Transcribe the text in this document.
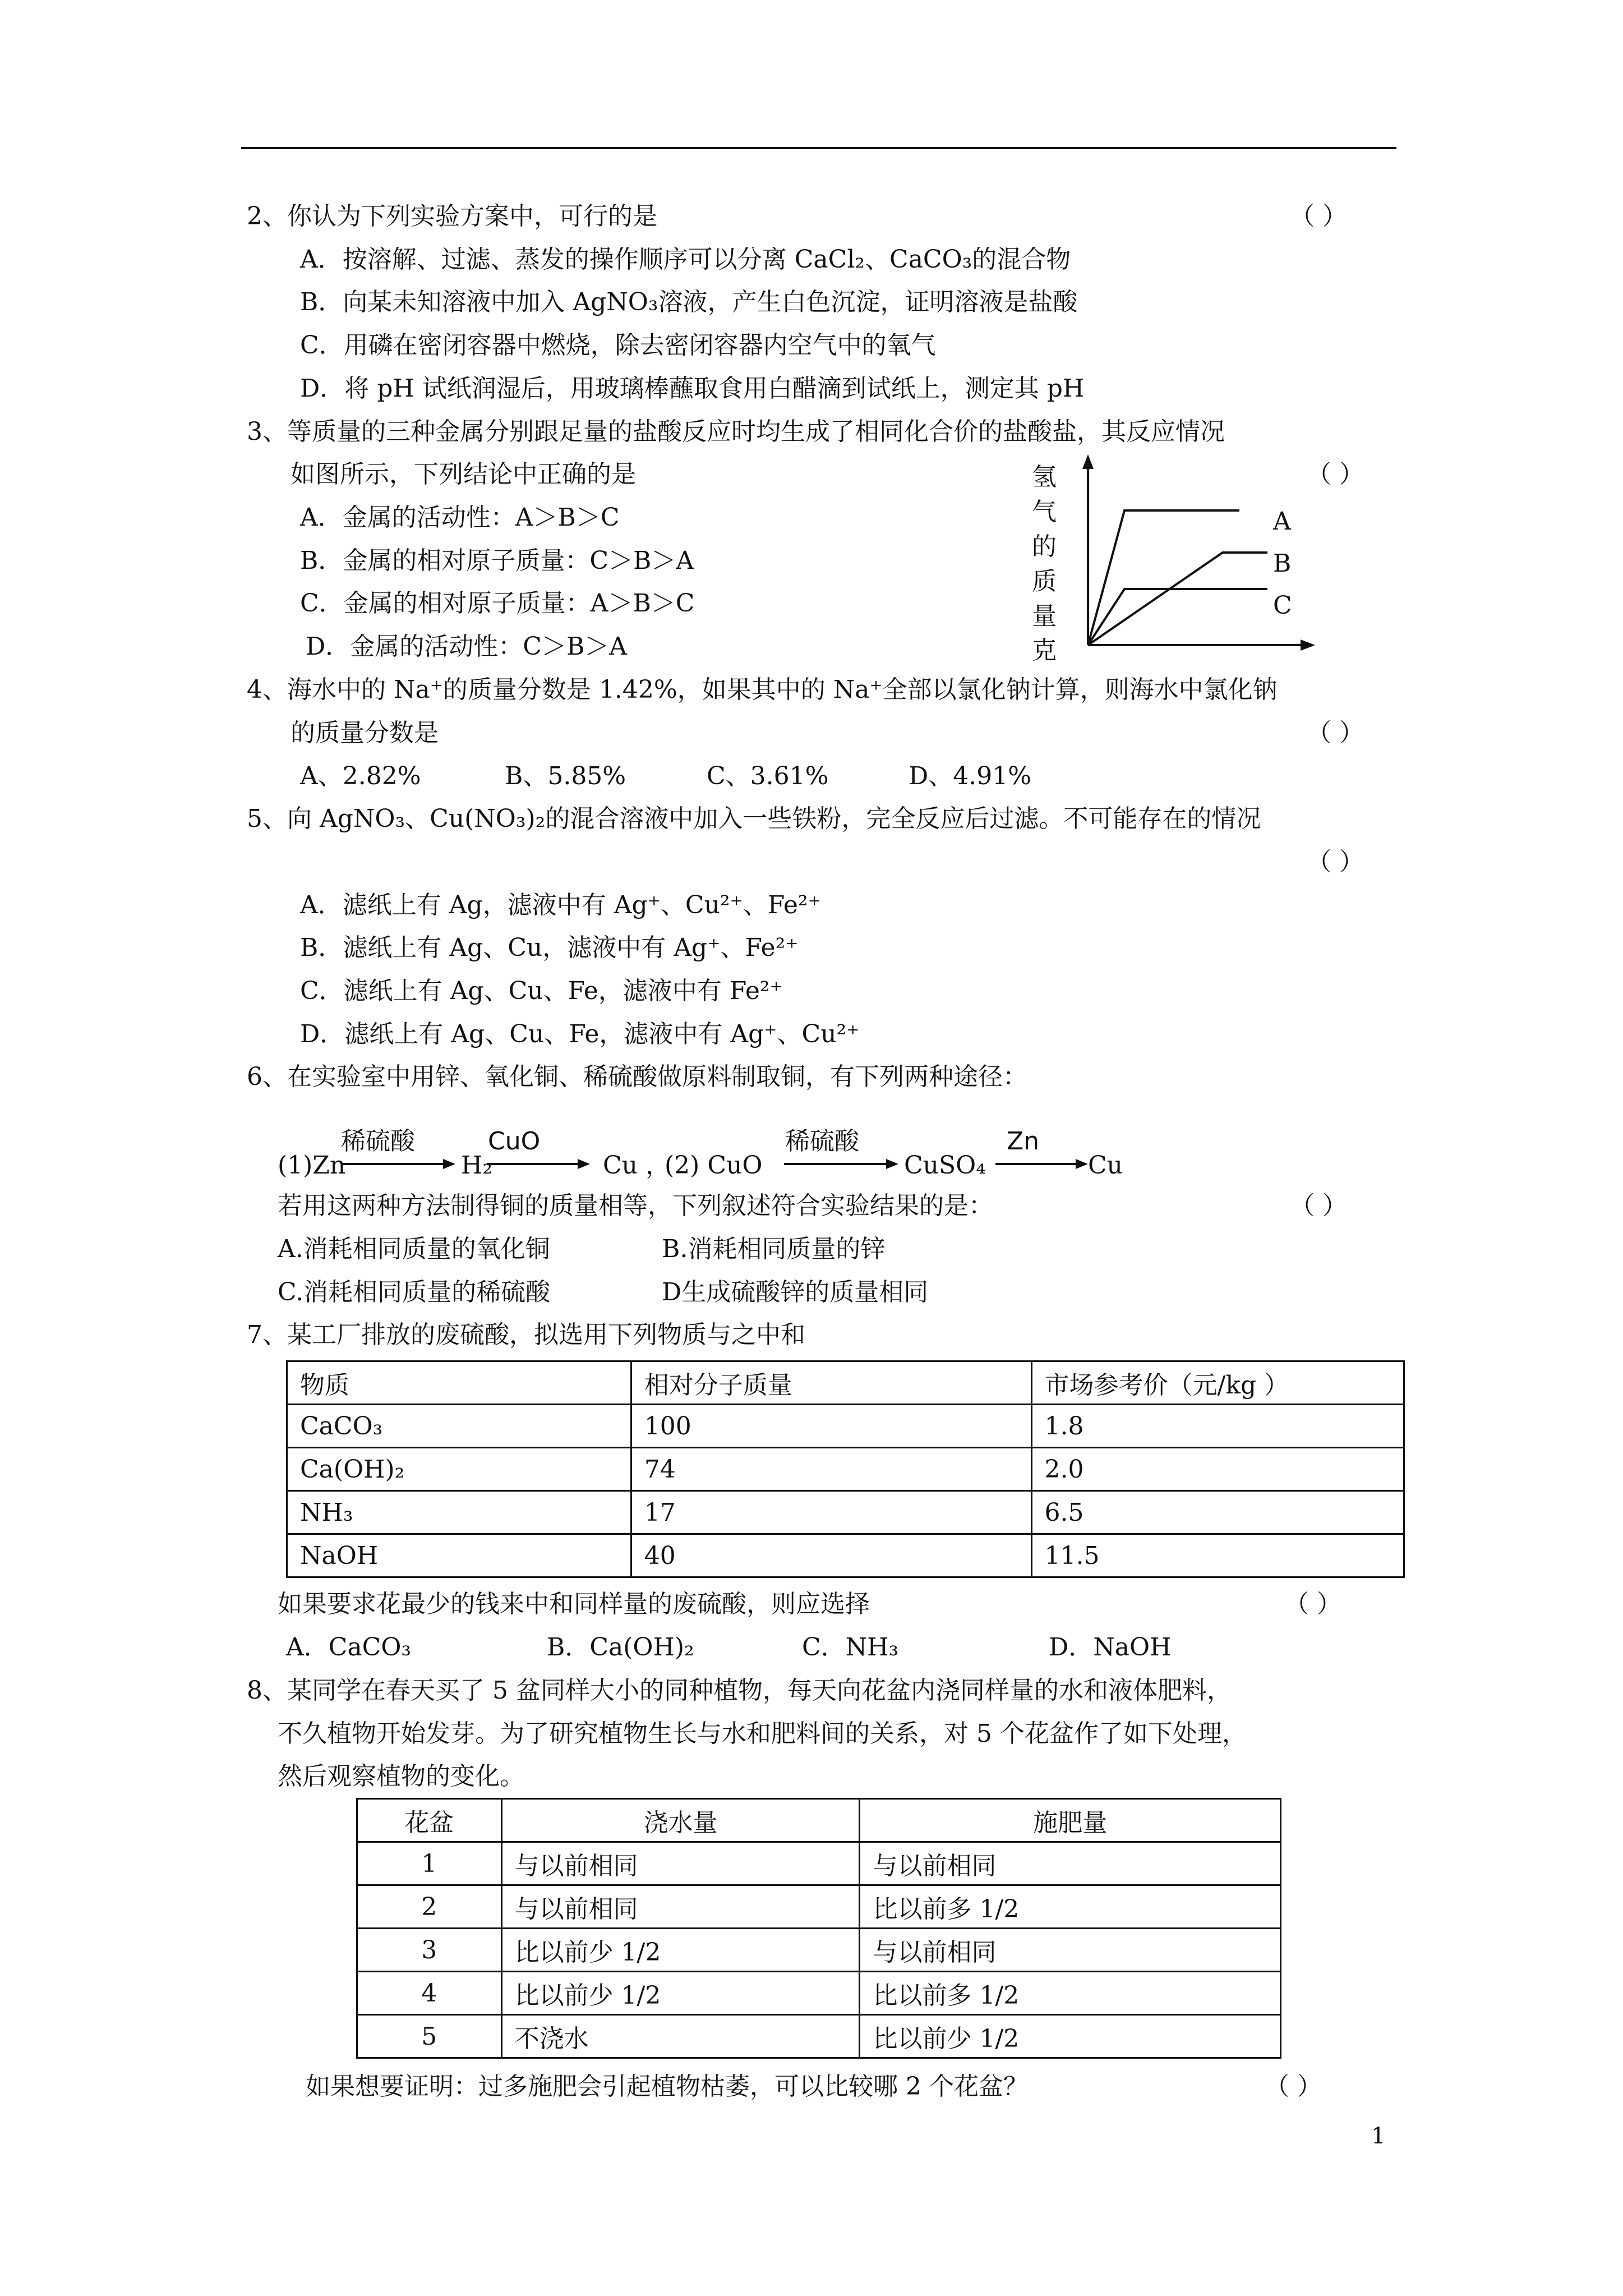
2、你认为下列实验方案中，可行的是	（ ）
A．按溶解、过滤、蒸发的操作顺序可以分离 CaCl₂、CaCO₃的混合物
B．向某未知溶液中加入 AgNO₃溶液，产生白色沉淀，证明溶液是盐酸
C．用磷在密闭容器中燃烧，除去密闭容器内空气中的氧气
D．将 pH 试纸润湿后，用玻璃棒蘸取食用白醋滴到试纸上，测定其 pH
3、等质量的三种金属分别跟足量的盐酸反应时均生成了相同化合价的盐酸盐，其反应情况
如图所示，下列结论中正确的是	（ ）
A．金属的活动性：A＞B＞C
B．金属的相对原子质量：C＞B＞A
C．金属的相对原子质量：A＞B＞C
D．金属的活动性：C＞B＞A
氢
气
的
质
量
克
A
B
C
4、海水中的 Na⁺的质量分数是 1.42%，如果其中的 Na⁺全部以氯化钠计算，则海水中氯化钠
的质量分数是	（ ）
A、2.82%	B、5.85%	C、3.61%	D、4.91%
5、向 AgNO₃、Cu(NO₃)₂的混合溶液中加入一些铁粉，完全反应后过滤。不可能存在的情况
（ ）
A．滤纸上有 Ag，滤液中有 Ag⁺、Cu²⁺、Fe²⁺
B．滤纸上有 Ag、Cu，滤液中有 Ag⁺、Fe²⁺
C．滤纸上有 Ag、Cu、Fe，滤液中有 Fe²⁺
D．滤纸上有 Ag、Cu、Fe，滤液中有 Ag⁺、Cu²⁺
6、在实验室中用锌、氧化铜、稀硫酸做原料制取铜，有下列两种途径：
(1)Zn
稀硫酸
H₂
CuO
Cu ，
(2) CuO
稀硫酸
CuSO₄
Zn
Cu
若用这两种方法制得铜的质量相等，下列叙述符合实验结果的是：	（ ）
A.消耗相同质量的氧化铜	B.消耗相同质量的锌
C.消耗相同质量的稀硫酸	D生成硫酸锌的质量相同
7、某工厂排放的废硫酸，拟选用下列物质与之中和
物质	相对分子质量	市场参考价（元/kg ）
CaCO₃	100	1.8
Ca(OH)₂	74	2.0
NH₃	17	6.5
NaOH	40	11.5
如果要求花最少的钱来中和同样量的废硫酸，则应选择	（ ）
A．CaCO₃	B．Ca(OH)₂	C．NH₃	D．NaOH
8、某同学在春天买了 5 盆同样大小的同种植物，每天向花盆内浇同样量的水和液体肥料，
不久植物开始发芽。为了研究植物生长与水和肥料间的关系，对 5 个花盆作了如下处理，
然后观察植物的变化。
花盆	浇水量	施肥量
1	与以前相同	与以前相同
2	与以前相同	比以前多 1/2
3	比以前少 1/2	与以前相同
4	比以前少 1/2	比以前多 1/2
5	不浇水	比以前少 1/2
如果想要证明：过多施肥会引起植物枯萎，可以比较哪 2 个花盆？	（ ）
1
